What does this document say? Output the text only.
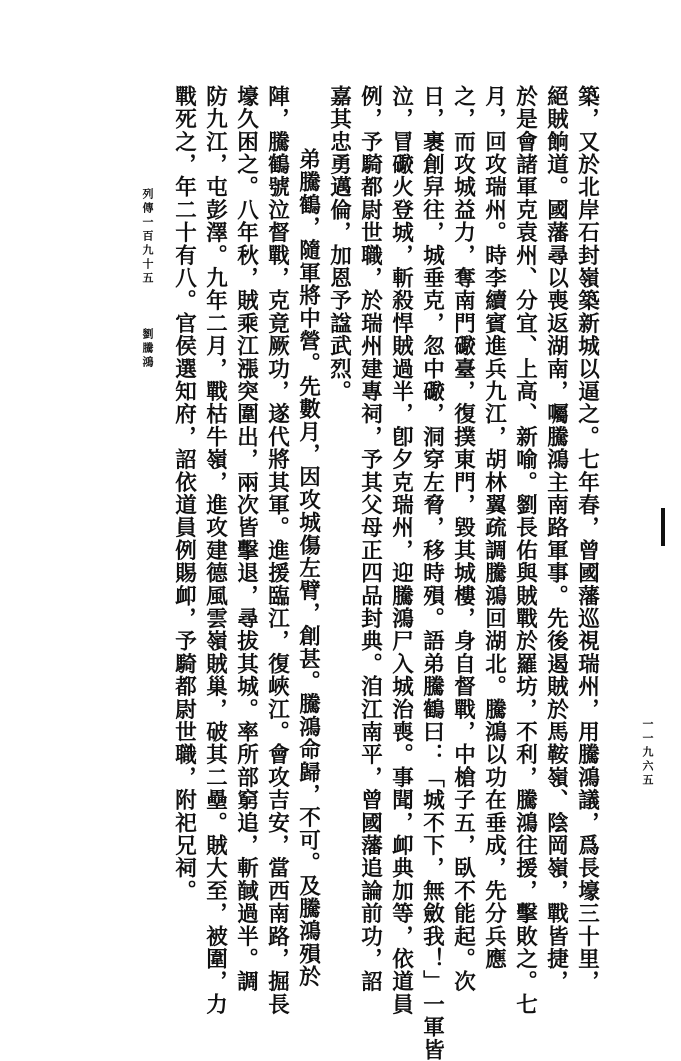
築，又於北岸石封嶺築新城以逼之。七年春，曾國藩巡視瑞州，用騰鴻議，爲長壕三十里，
絕賊餉道。國藩尋以喪返湖南，囑騰鴻主南路軍事。先後遏賊於馬鞍嶺、陰岡嶺，戰皆捷，
於是會諸軍克袁州、分宜、上高、新喻。劉長佑與賊戰於羅坊，不利，騰鴻往援，擊敗之。七
月，回攻瑞州。時李續賓進兵九江，胡林翼疏調騰鴻回湖北。騰鴻以功在垂成，先分兵應
之，而攻城益力，奪南門礮臺，復撲東門，毀其城樓，身自督戰，中槍子五，臥不能起。次
日，裹創舁往，城垂克，忽中礮，洞穿左脅，移時殞。語弟騰鶴曰：「城不下，無斂我！」一軍皆
泣，冒礮火登城，斬殺悍賊過半，卽夕克瑞州，迎騰鴻尸入城治喪。事聞，卹典加等，依道員
例，予騎都尉世職，於瑞州建專祠，予其父母正四品封典。洎江南平，曾國藩追論前功，詔
嘉其忠勇邁倫，加恩予諡武烈。
弟騰鶴，隨軍將中營。先數月，因攻城傷左臂，創甚。騰鴻命歸，不可。及騰鴻殞於
陣，騰鶴號泣督戰，克竟厥功，遂代將其軍。進援臨江，復峽江。會攻吉安，當西南路，掘長
壕久困之。八年秋，賊乘江漲突圍出，兩次皆擊退，尋拔其城。率所部窮追，斬馘過半。調
防九江，屯彭澤。九年二月，戰枯牛嶺，進攻建德風雲嶺賊巢，破其二壘。賊大至，被圍，力
戰死之，年二十有八。官侯選知府，詔依道員例賜卹，予騎都尉世職，附祀兄祠。
列傳一百九十五
劉騰鴻
一一九六五
